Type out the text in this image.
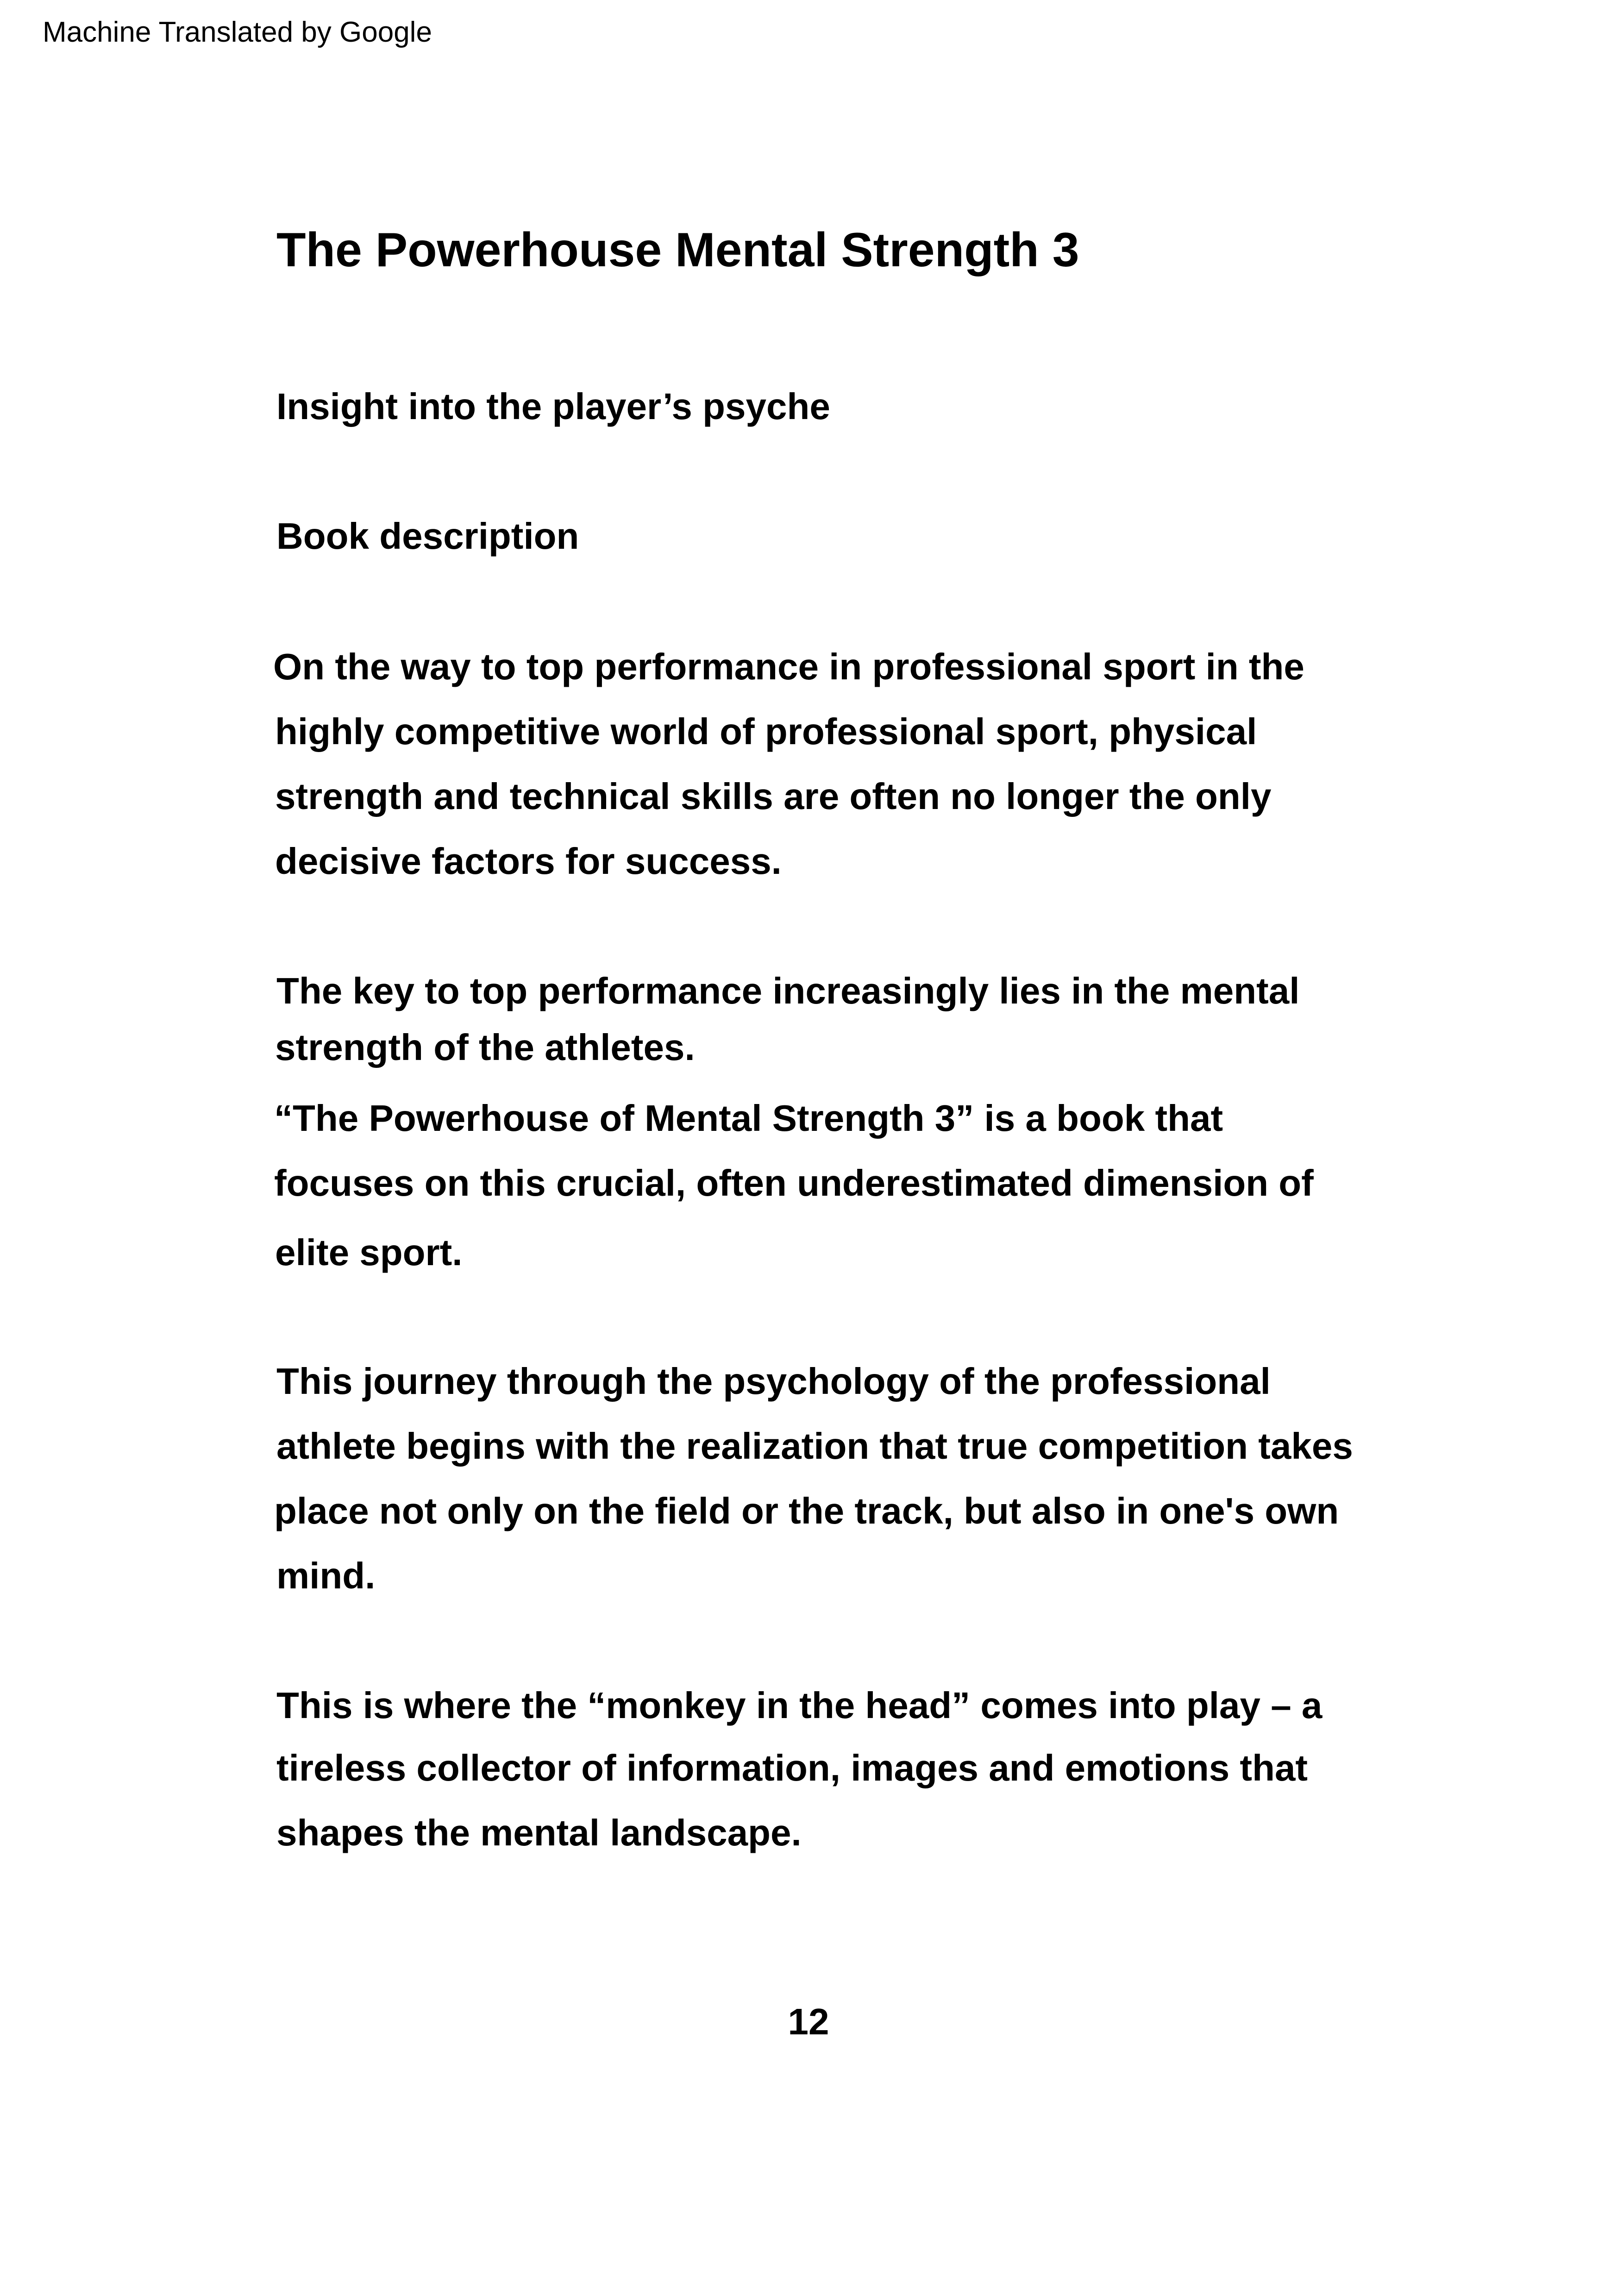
Machine Translated by Google
The Powerhouse Mental Strength 3
Insight into the player’s psyche
Book description

On the way to top performance in professional sport in the

highly competitive world of professional sport, physical

strength and technical skills are often no longer the only

decisive factors for success.

The key to top performance increasingly lies in the mental

strength of the athletes.

“The Powerhouse of Mental Strength 3” is a book that

focuses on this crucial, often underestimated dimension of

elite sport.

This journey through the psychology of the professional

athlete begins with the realization that true competition takes

place not only on the field or the track, but also in one's own

mind.

This is where the “monkey in the head” comes into play – a

tireless collector of information, images and emotions that

shapes the mental landscape.

12
